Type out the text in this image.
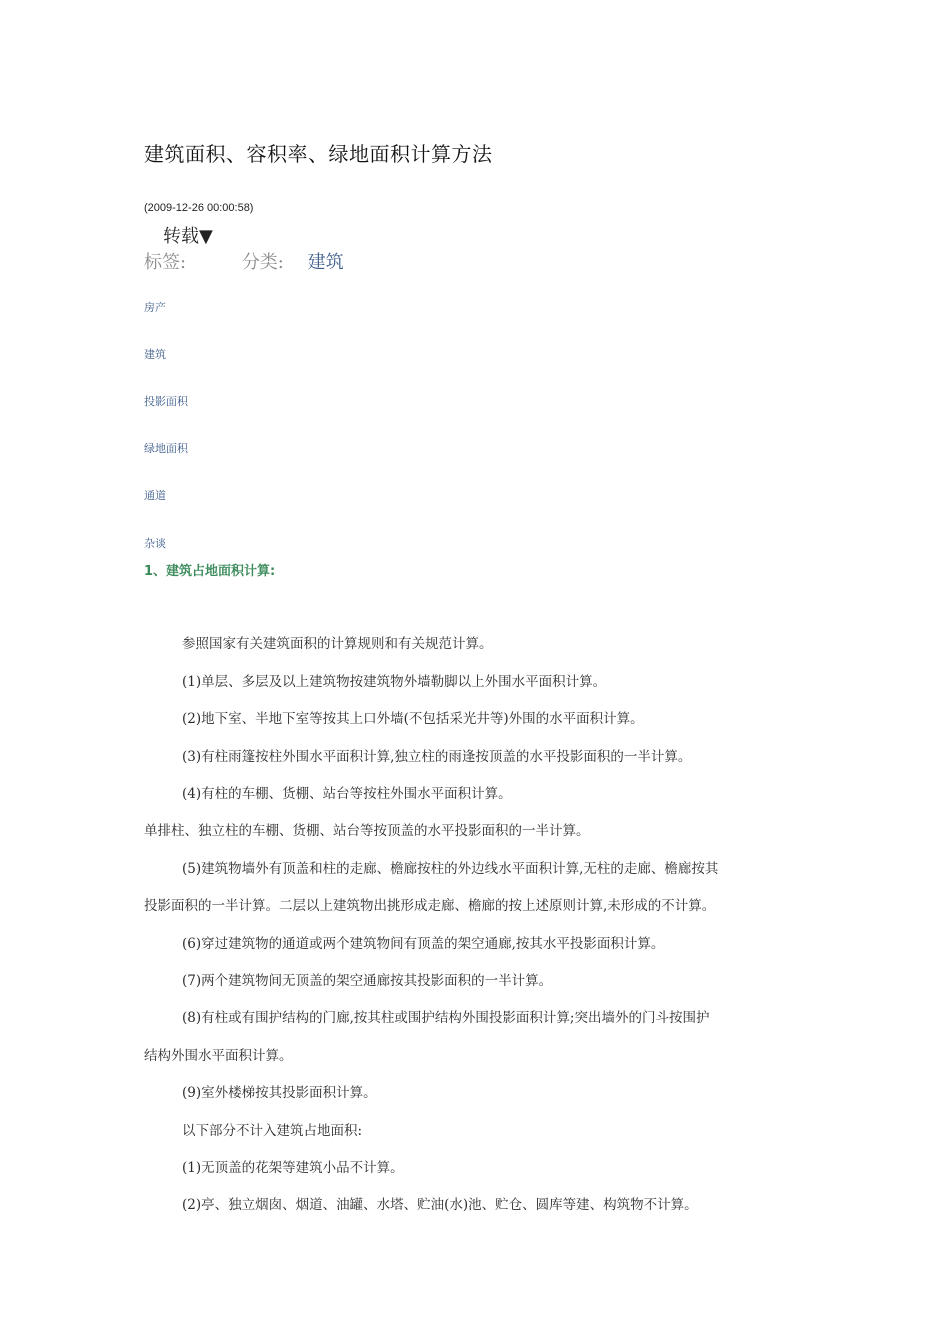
建筑面积、容积率、绿地面积计算方法
(2009-12-26 00:00:58)
转载▼
标签:	分类: 建筑
房产
建筑
投影面积
绿地面积
通道
杂谈
1、建筑占地面积计算:
参照国家有关建筑面积的计算规则和有关规范计算。
(1)单层、多层及以上建筑物按建筑物外墙勒脚以上外围水平面积计算。
(2)地下室、半地下室等按其上口外墙(不包括采光井等)外围的水平面积计算。
(3)有柱雨篷按柱外围水平面积计算,独立柱的雨逢按顶盖的水平投影面积的一半计算。
(4)有柱的车棚、货棚、站台等按柱外围水平面积计算。
单排柱、独立柱的车棚、货棚、站台等按顶盖的水平投影面积的一半计算。
(5)建筑物墙外有顶盖和柱的走廊、檐廊按柱的外边线水平面积计算,无柱的走廊、檐廊按其
投影面积的一半计算。二层以上建筑物出挑形成走廊、檐廊的按上述原则计算,未形成的不计算。
(6)穿过建筑物的通道或两个建筑物间有顶盖的架空通廊,按其水平投影面积计算。
(7)两个建筑物间无顶盖的架空通廊按其投影面积的一半计算。
(8)有柱或有围护结构的门廊,按其柱或围护结构外围投影面积计算;突出墙外的门斗按围护
结构外围水平面积计算。
(9)室外楼梯按其投影面积计算。
以下部分不计入建筑占地面积:
(1)无顶盖的花架等建筑小品不计算。
(2)亭、独立烟囱、烟道、油罐、水塔、贮油(水)池、贮仓、圆库等建、构筑物不计算。
